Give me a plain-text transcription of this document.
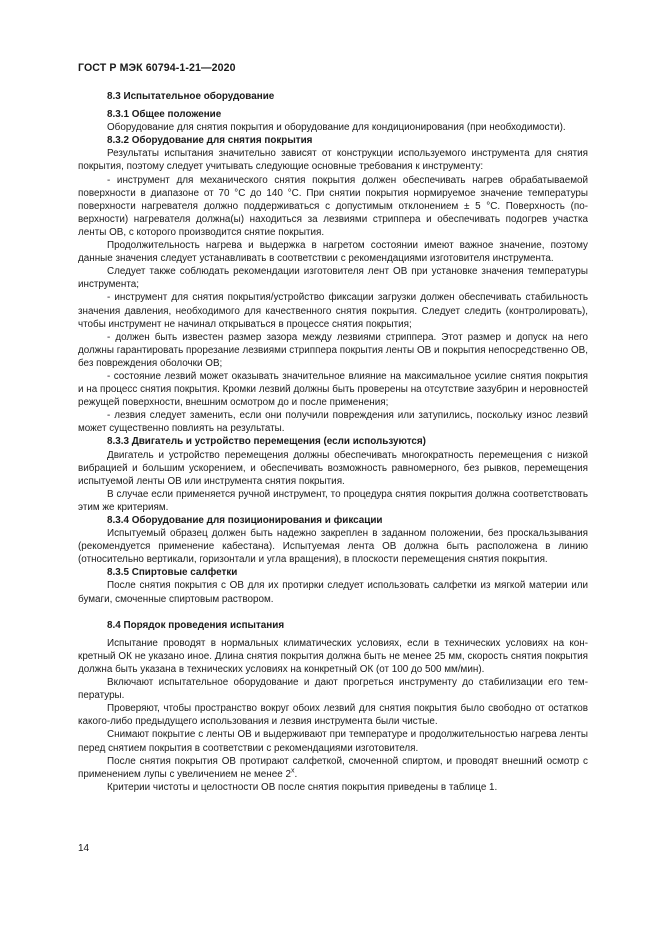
ГОСТ Р МЭК 60794-1-21—2020

8.3 Испытательное оборудование

8.3.1 Общее положение

Оборудование для снятия покрытия и оборудование для кондиционирования (при необходимости).

8.3.2 Оборудование для снятия покрытия

Результаты испытания значительно зависят от конструкции используемого инструмента для снятия покрытия, поэтому следует учитывать следующие основные требования к инструменту:

- инструмент для механического снятия покрытия должен обеспечивать нагрев обрабатываемой поверхности в диапазоне от 70 °С до 140 °С. При снятии покрытия нормируемое значение температуры поверхности нагревателя должно поддерживаться с допустимым отклонением ± 5 °С. Поверхность (поверхности) нагревателя должна(ы) находиться за лезвиями стриппера и обеспечивать подогрев участка ленты ОВ, с которого производится снятие покрытия.

Продолжительность нагрева и выдержка в нагретом состоянии имеют важное значение, поэтому данные значения следует устанавливать в соответствии с рекомендациями изготовителя инструмента.

Следует также соблюдать рекомендации изготовителя лент ОВ при установке значения температуры инструмента;

- инструмент для снятия покрытия/устройство фиксации загрузки должен обеспечивать стабильность значения давления, необходимого для качественного снятия покрытия. Следует следить (контролировать), чтобы инструмент не начинал открываться в процессе снятия покрытия;

- должен быть известен размер зазора между лезвиями стриппера. Этот размер и допуск на него должны гарантировать прорезание лезвиями стриппера покрытия ленты ОВ и покрытия непосредственно ОВ, без повреждения оболочки ОВ;

- состояние лезвий может оказывать значительное влияние на максимальное усилие снятия покрытия и на процесс снятия покрытия. Кромки лезвий должны быть проверены на отсутствие зазубрин и неровностей режущей поверхности, внешним осмотром до и после применения;

- лезвия следует заменить, если они получили повреждения или затупились, поскольку износ лезвий может существенно повлиять на результаты.

8.3.3 Двигатель и устройство перемещения (если используются)

Двигатель и устройство перемещения должны обеспечивать многократность перемещения с низкой вибрацией и большим ускорением, и обеспечивать возможность равномерного, без рывков, перемещения испытуемой ленты ОВ или инструмента снятия покрытия.

В случае если применяется ручной инструмент, то процедура снятия покрытия должна соответствовать этим же критериям.

8.3.4 Оборудование для позиционирования и фиксации

Испытуемый образец должен быть надежно закреплен в заданном положении, без проскальзывания (рекомендуется применение кабестана). Испытуемая лента ОВ должна быть расположена в линию (относительно вертикали, горизонтали и угла вращения), в плоскости перемещения снятия покрытия.

8.3.5 Спиртовые салфетки

После снятия покрытия с ОВ для их протирки следует использовать салфетки из мягкой материи или бумаги, смоченные спиртовым раствором.

8.4 Порядок проведения испытания

Испытание проводят в нормальных климатических условиях, если в технических условиях на конкретный ОК не указано иное. Длина снятия покрытия должна быть не менее 25 мм, скорость снятия покрытия должна быть указана в технических условиях на конкретный ОК (от 100 до 500 мм/мин).

Включают испытательное оборудование и дают прогреться инструменту до стабилизации его температуры.

Проверяют, чтобы пространство вокруг обоих лезвий для снятия покрытия было свободно от остатков какого-либо предыдущего использования и лезвия инструмента были чистые.

Снимают покрытие с ленты ОВ и выдерживают при температуре и продолжительностью нагрева ленты перед снятием покрытия в соответствии с рекомендациями изготовителя.

После снятия покрытия ОВ протирают салфеткой, смоченной спиртом, и проводят внешний осмотр с применением лупы с увеличением не менее 2$^x$.

Критерии чистоты и целостности ОВ после снятия покрытия приведены в таблице 1.

14
